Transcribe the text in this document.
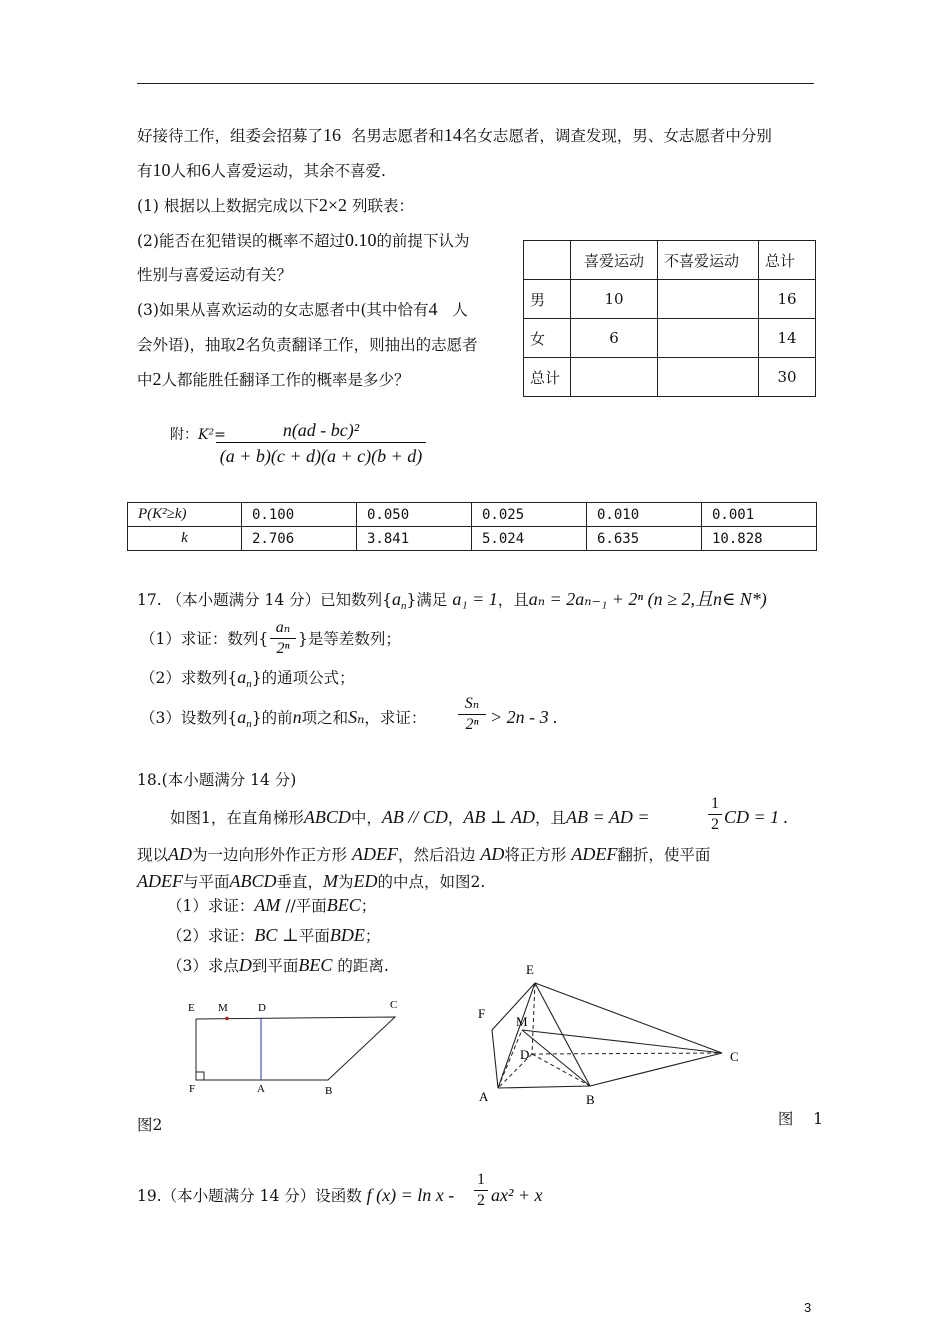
好接待工作，组委会招募了16 名男志愿者和14名女志愿者，调查发现，男、女志愿者中分别
有10人和6人喜爱运动，其余不喜爱.
(1) 根据以上数据完成以下2×2 列联表：
(2)能否在犯错误的概率不超过0.10的前提下认为
性别与喜爱运动有关？
(3)如果从喜欢运动的女志愿者中(其中恰有4 人
会外语)，抽取2名负责翻译工作，则抽出的志愿者
中2人都能胜任翻译工作的概率是多少？
	喜爱运动	不喜爱运动	总计
男	10		16
女	6		14
总计			30
附：K²=
$\frac{\text{n(ad - bc)²}}{(a + b)(c + d)(a + c)(b + d)}$
P(K²≥k)	0.100	0.050	0.025	0.010	0.001
k	2.706	3.841	5.024	6.635	10.828
17. （本小题满分 14 分）已知数列$\{a_n\}$满足 a₁ = 1，且aₙ = 2aₙ₋₁ + 2ⁿ (n ≥ 2,且n∈ N*)
（1）求证：数列{ $\frac{\text{aₙ}}{\text{2ⁿ}}$ }是等差数列；
（2）求数列$\{a_n\}$的通项公式；
（3）设数列$\{a_n\}$的前n项之和Sₙ，求证： $\frac{\text{Sₙ}}{\text{2ⁿ}} > 2n - 3$ .
18.(本小题满分 14 分)
如图1，在直角梯形ABCD中，AB // CD，AB ⊥ AD，且AB = AD =	$\frac{1}{2}$ CD = 1 .
现以AD为一边向形外作正方形 ADEF，然后沿边 AD将正方形 ADEF翻折，使平面
ADEF与平面ABCD垂直，M为ED的中点，如图2.
（1）求证：AM //平面BEC；
（2）求证：BC ⊥平面BDE；
（3）求点D到平面BEC 的距离.
E M	D	C
F	A	B
E
F
M
D	C
A	B

图    1

图2
19.（本小题满分 14 分）设函数 f $(x) = \ln x - \frac{1}{2} ax^2 + x$
3
